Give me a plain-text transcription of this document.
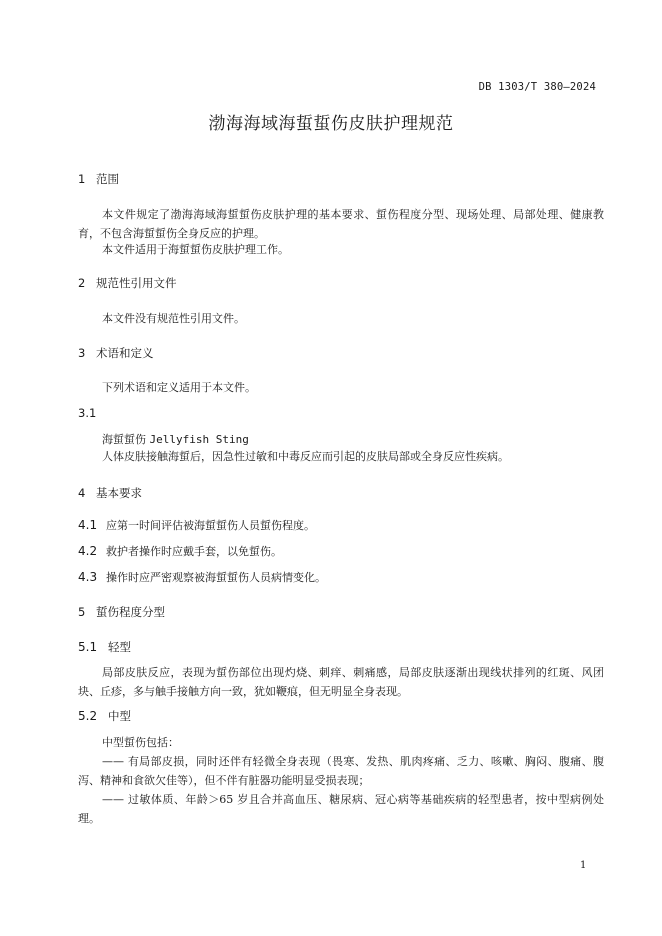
DB 1303/T 380—2024
渤海海域海蜇蜇伤皮肤护理规范
1 范围
本文件规定了渤海海域海蜇蜇伤皮肤护理的基本要求、蜇伤程度分型、现场处理、局部处理、健康教育，不包含海蜇蜇伤全身反应的护理。
本文件适用于海蜇蜇伤皮肤护理工作。
2 规范性引用文件
本文件没有规范性引用文件。
3 术语和定义
下列术语和定义适用于本文件。
3.1
海蜇蜇伤 Jellyfish Sting
人体皮肤接触海蜇后，因急性过敏和中毒反应而引起的皮肤局部或全身反应性疾病。
4 基本要求
4.1 应第一时间评估被海蜇蜇伤人员蜇伤程度。
4.2 救护者操作时应戴手套，以免蜇伤。
4.3 操作时应严密观察被海蜇蜇伤人员病情变化。
5 蜇伤程度分型
5.1 轻型
局部皮肤反应，表现为蜇伤部位出现灼烧、刺痒、刺痛感，局部皮肤逐渐出现线状排列的红斑、风团块、丘疹，多与触手接触方向一致，犹如鞭痕，但无明显全身表现。
5.2 中型
中型蜇伤包括：
—— 有局部皮损，同时还伴有轻微全身表现（畏寒、发热、肌肉疼痛、乏力、咳嗽、胸闷、腹痛、腹泻、精神和食欲欠佳等），但不伴有脏器功能明显受损表现；
—— 过敏体质、年龄＞65 岁且合并高血压、糖尿病、冠心病等基础疾病的轻型患者，按中型病例处理。
1
